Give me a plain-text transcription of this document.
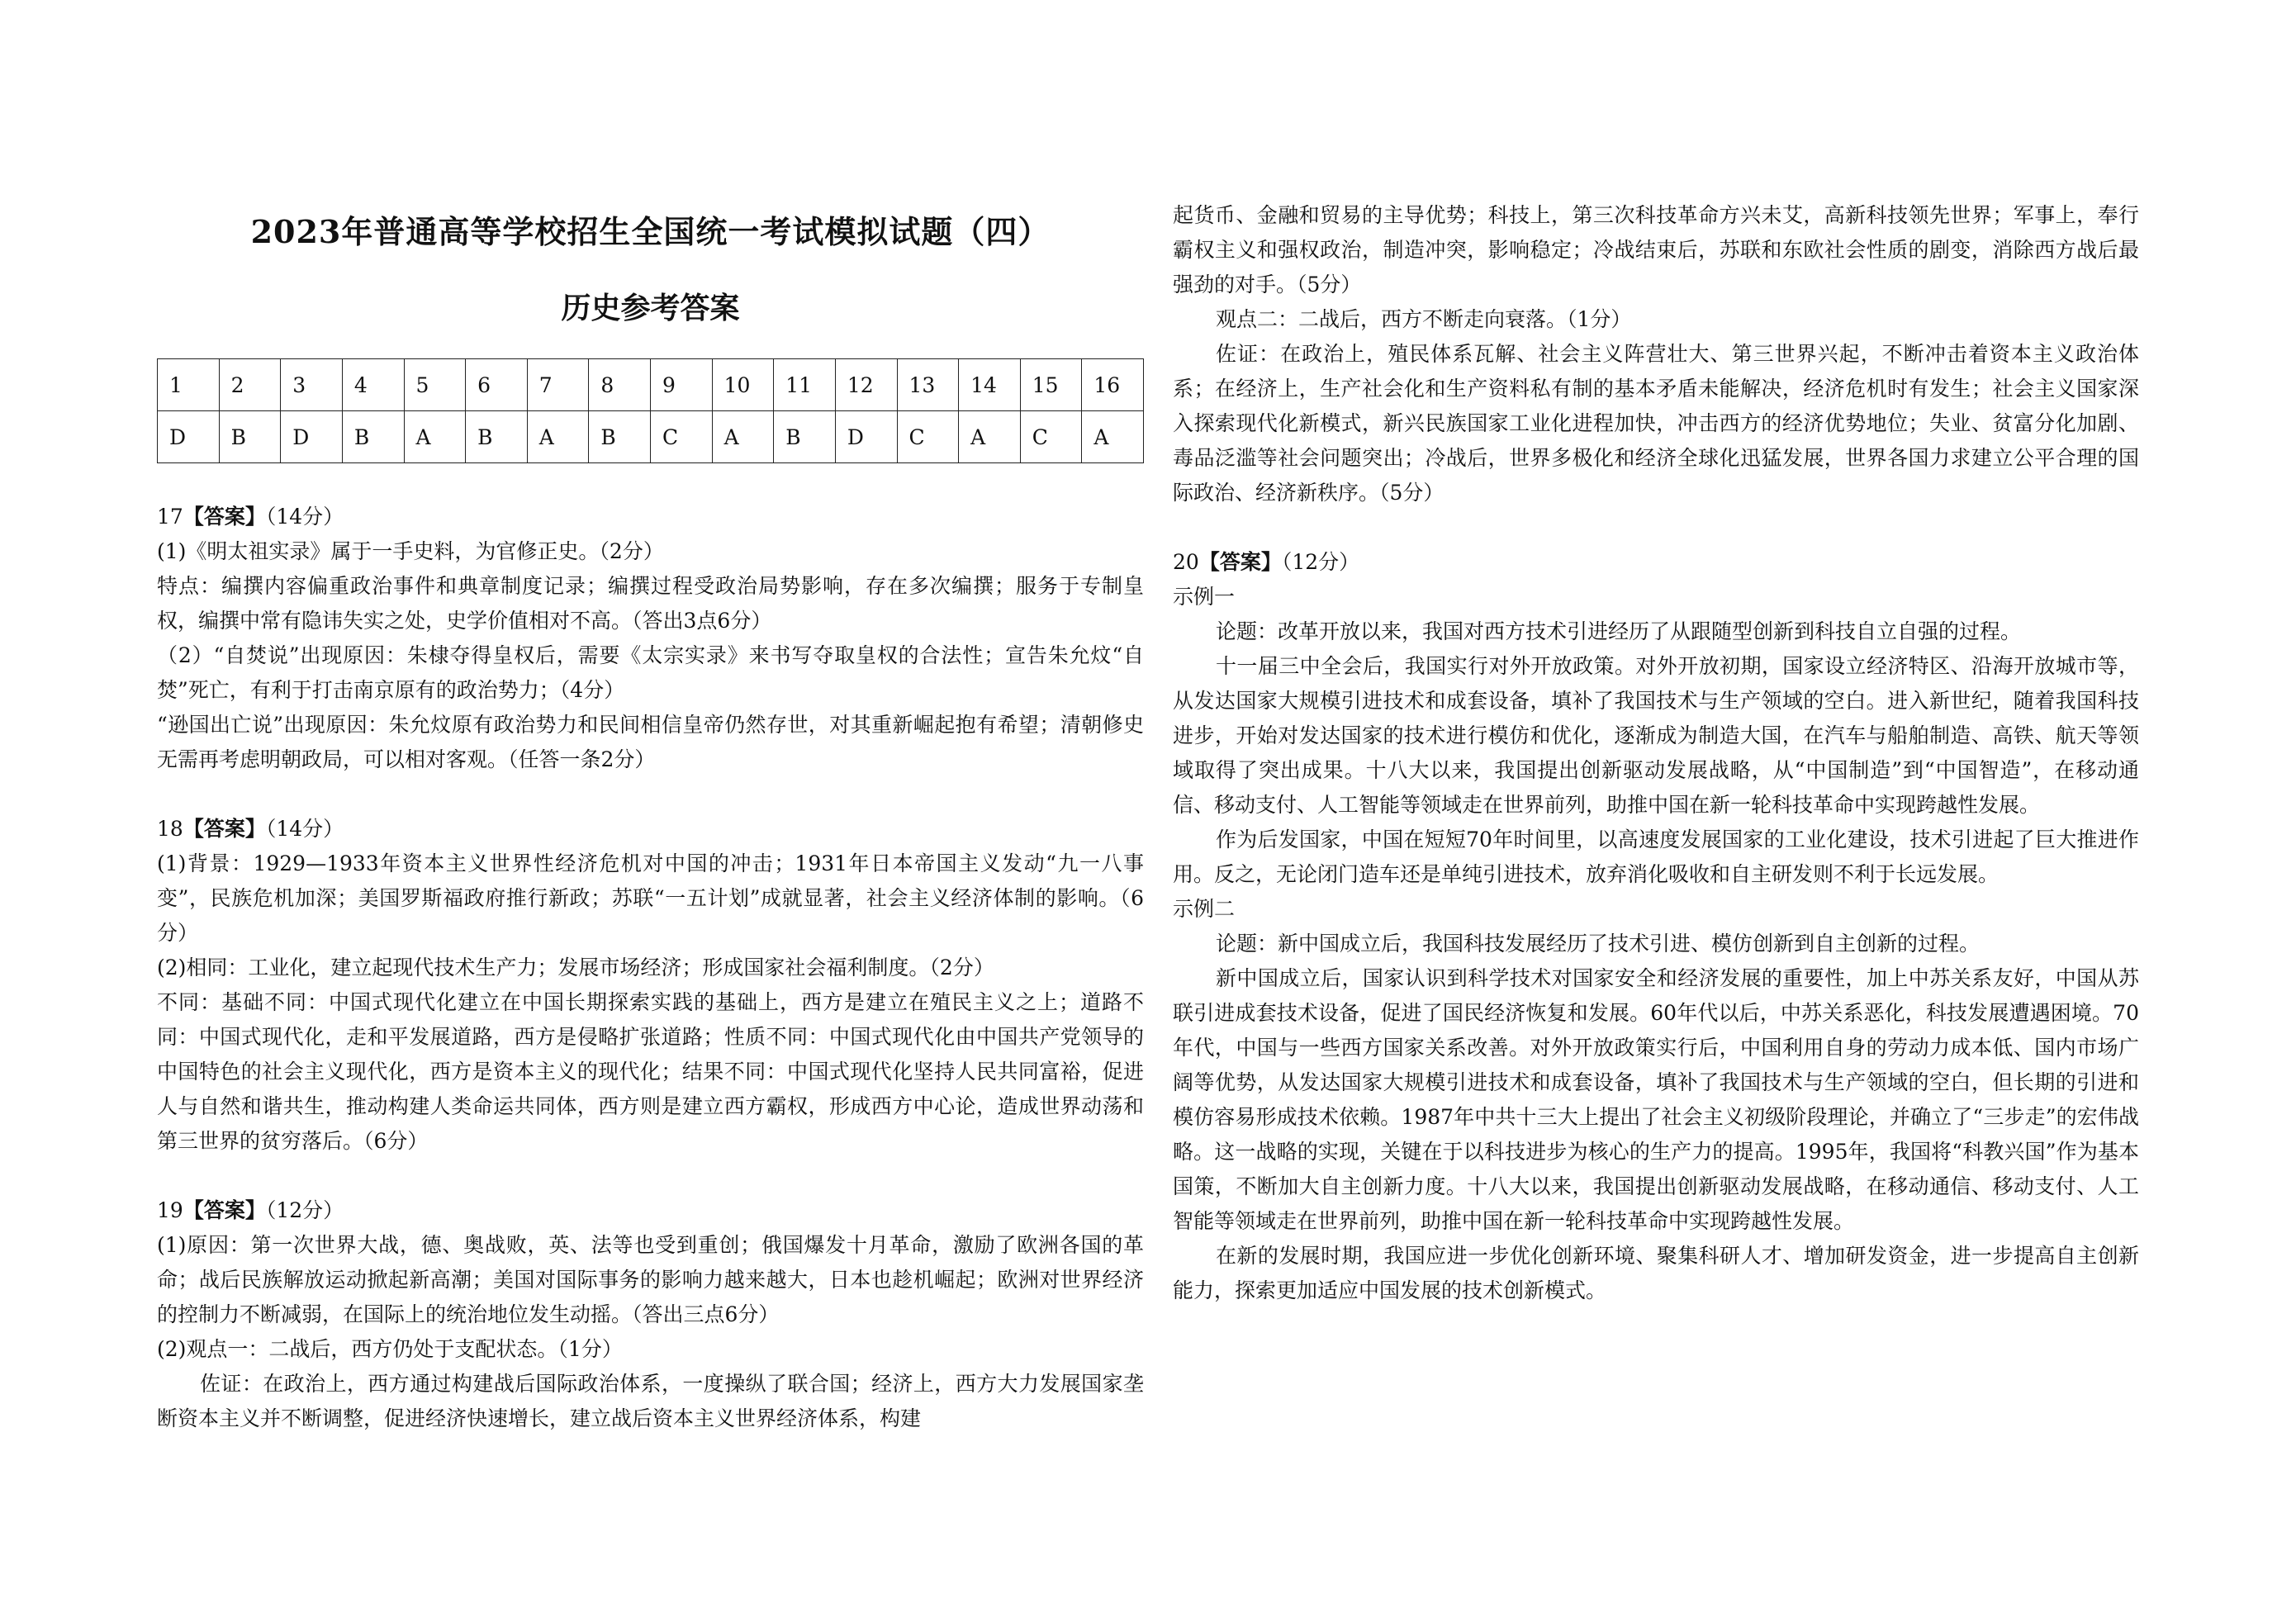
2023年普通高等学校招生全国统一考试模拟试题（四）
历史参考答案
1	2	3	4	5	6	7	8	9	10	11	12	13	14	15	16
D	B	D	B	A	B	A	B	C	A	B	D	C	A	C	A

17【答案】（14分）

(1)《明太祖实录》属于一手史料，为官修正史。（2分）

特点：编撰内容偏重政治事件和典章制度记录；编撰过程受政治局势影响，存在多次编撰；服务于专制皇权，编撰中常有隐讳失实之处，史学价值相对不高。（答出3点6分）

（2）“自焚说”出现原因：朱棣夺得皇权后，需要《太宗实录》来书写夺取皇权的合法性；宣告朱允炆“自焚”死亡，有利于打击南京原有的政治势力；（4分）

“逊国出亡说”出现原因：朱允炆原有政治势力和民间相信皇帝仍然存世，对其重新崛起抱有希望；清朝修史无需再考虑明朝政局，可以相对客观。（任答一条2分）

18【答案】（14分）

(1)背景：1929—1933年资本主义世界性经济危机对中国的冲击；1931年日本帝国主义发动“九一八事变”，民族危机加深；美国罗斯福政府推行新政；苏联“一五计划”成就显著，社会主义经济体制的影响。（6分）

(2)相同：工业化，建立起现代技术生产力；发展市场经济；形成国家社会福利制度。（2分）

不同：基础不同：中国式现代化建立在中国长期探索实践的基础上，西方是建立在殖民主义之上；道路不同：中国式现代化，走和平发展道路，西方是侵略扩张道路；性质不同：中国式现代化由中国共产党领导的中国特色的社会主义现代化，西方是资本主义的现代化；结果不同：中国式现代化坚持人民共同富裕，促进人与自然和谐共生，推动构建人类命运共同体，西方则是建立西方霸权，形成西方中心论，造成世界动荡和第三世界的贫穷落后。（6分）

19【答案】（12分）

(1)原因：第一次世界大战，德、奥战败，英、法等也受到重创；俄国爆发十月革命，激励了欧洲各国的革命；战后民族解放运动掀起新高潮；美国对国际事务的影响力越来越大，日本也趁机崛起；欧洲对世界经济的控制力不断减弱，在国际上的统治地位发生动摇。（答出三点6分）

(2)观点一：二战后，西方仍处于支配状态。（1分）

佐证：在政治上，西方通过构建战后国际政治体系，一度操纵了联合国；经济上，西方大力发展国家垄断资本主义并不断调整，促进经济快速增长，建立战后资本主义世界经济体系，构建

起货币、金融和贸易的主导优势；科技上，第三次科技革命方兴未艾，高新科技领先世界；军事上，奉行霸权主义和强权政治，制造冲突，影响稳定；冷战结束后，苏联和东欧社会性质的剧变，消除西方战后最强劲的对手。（5分）

观点二：二战后，西方不断走向衰落。（1分）

佐证：在政治上，殖民体系瓦解、社会主义阵营壮大、第三世界兴起，不断冲击着资本主义政治体系；在经济上，生产社会化和生产资料私有制的基本矛盾未能解决，经济危机时有发生；社会主义国家深入探索现代化新模式，新兴民族国家工业化进程加快，冲击西方的经济优势地位；失业、贫富分化加剧、毒品泛滥等社会问题突出；冷战后，世界多极化和经济全球化迅猛发展，世界各国力求建立公平合理的国际政治、经济新秩序。（5分）

20【答案】（12分）

示例一

论题：改革开放以来，我国对西方技术引进经历了从跟随型创新到科技自立自强的过程。

十一届三中全会后，我国实行对外开放政策。对外开放初期，国家设立经济特区、沿海开放城市等，从发达国家大规模引进技术和成套设备，填补了我国技术与生产领域的空白。进入新世纪，随着我国科技进步，开始对发达国家的技术进行模仿和优化，逐渐成为制造大国，在汽车与船舶制造、高铁、航天等领域取得了突出成果。十八大以来，我国提出创新驱动发展战略，从“中国制造”到“中国智造”，在移动通信、移动支付、人工智能等领域走在世界前列，助推中国在新一轮科技革命中实现跨越性发展。

作为后发国家，中国在短短70年时间里，以高速度发展国家的工业化建设，技术引进起了巨大推进作用。反之，无论闭门造车还是单纯引进技术，放弃消化吸收和自主研发则不利于长远发展。

示例二

论题：新中国成立后，我国科技发展经历了技术引进、模仿创新到自主创新的过程。

新中国成立后，国家认识到科学技术对国家安全和经济发展的重要性，加上中苏关系友好，中国从苏联引进成套技术设备，促进了国民经济恢复和发展。60年代以后，中苏关系恶化，科技发展遭遇困境。70年代，中国与一些西方国家关系改善。对外开放政策实行后，中国利用自身的劳动力成本低、国内市场广阔等优势，从发达国家大规模引进技术和成套设备，填补了我国技术与生产领域的空白，但长期的引进和模仿容易形成技术依赖。1987年中共十三大上提出了社会主义初级阶段理论，并确立了“三步走”的宏伟战略。这一战略的实现，关键在于以科技进步为核心的生产力的提高。1995年，我国将“科教兴国”作为基本国策，不断加大自主创新力度。十八大以来，我国提出创新驱动发展战略，在移动通信、移动支付、人工智能等领域走在世界前列，助推中国在新一轮科技革命中实现跨越性发展。

在新的发展时期，我国应进一步优化创新环境、聚集科研人才、增加研发资金，进一步提高自主创新能力，探索更加适应中国发展的技术创新模式。
